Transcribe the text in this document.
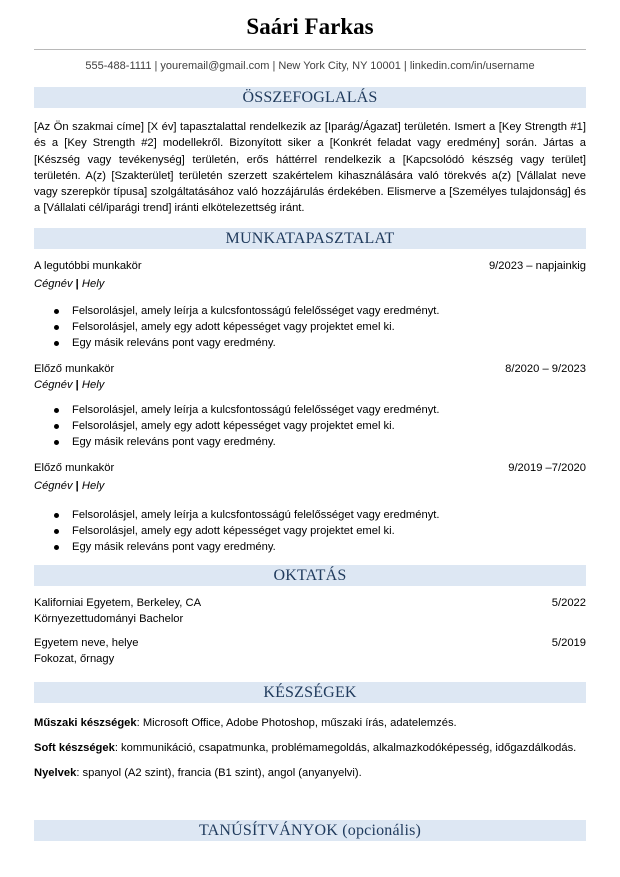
Saári Farkas
555-488-1111 | youremail@gmail.com | New York City, NY 10001 | linkedin.com/in/username
ÖSSZEFOGLALÁS
[Az Ön szakmai címe] [X év] tapasztalattal rendelkezik az [Iparág/Ágazat] területén. Ismert a [Key Strength #1] és a [Key Strength #2] modellekről. Bizonyított siker a [Konkrét feladat vagy eredmény] során. Jártas a [Készség vagy tevékenység] területén, erős háttérrel rendelkezik a [Kapcsolódó készség vagy terület] területén. A(z) [Szakterület] területén szerzett szakértelem kihasználására való törekvés a(z) [Vállalat neve vagy szerepkör típusa] szolgáltatásához való hozzájárulás érdekében. Elismerve a [Személyes tulajdonság] és a [Vállalati cél/iparági trend] iránti elkötelezettség iránt.
MUNKATAPASZTALAT
A legutóbbi munkakör	9/2023 – napjainkig
Cégnév | Hely
Felsorolásjel, amely leírja a kulcsfontosságú felelősséget vagy eredményt.
Felsorolásjel, amely egy adott képességet vagy projektet emel ki.
Egy másik releváns pont vagy eredmény.
Előző munkakör	8/2020 – 9/2023
Cégnév | Hely
Felsorolásjel, amely leírja a kulcsfontosságú felelősséget vagy eredményt.
Felsorolásjel, amely egy adott képességet vagy projektet emel ki.
Egy másik releváns pont vagy eredmény.
Előző munkakör	9/2019 –7/2020
Cégnév | Hely
Felsorolásjel, amely leírja a kulcsfontosságú felelősséget vagy eredményt.
Felsorolásjel, amely egy adott képességet vagy projektet emel ki.
Egy másik releváns pont vagy eredmény.
OKTATÁS
Kaliforniai Egyetem, Berkeley, CA	5/2022
Környezettudományi Bachelor
Egyetem neve, helye	5/2019
Fokozat, őrnagy
KÉSZSÉGEK
Műszaki készségek: Microsoft Office, Adobe Photoshop, műszaki írás, adatelemzés.
Soft készségek: kommunikáció, csapatmunka, problémamegoldás, alkalmazkodóképesség, időgazdálkodás.
Nyelvek: spanyol (A2 szint), francia (B1 szint), angol (anyanyelvi).
TANÚSÍTVÁNYOK (opcionális)
